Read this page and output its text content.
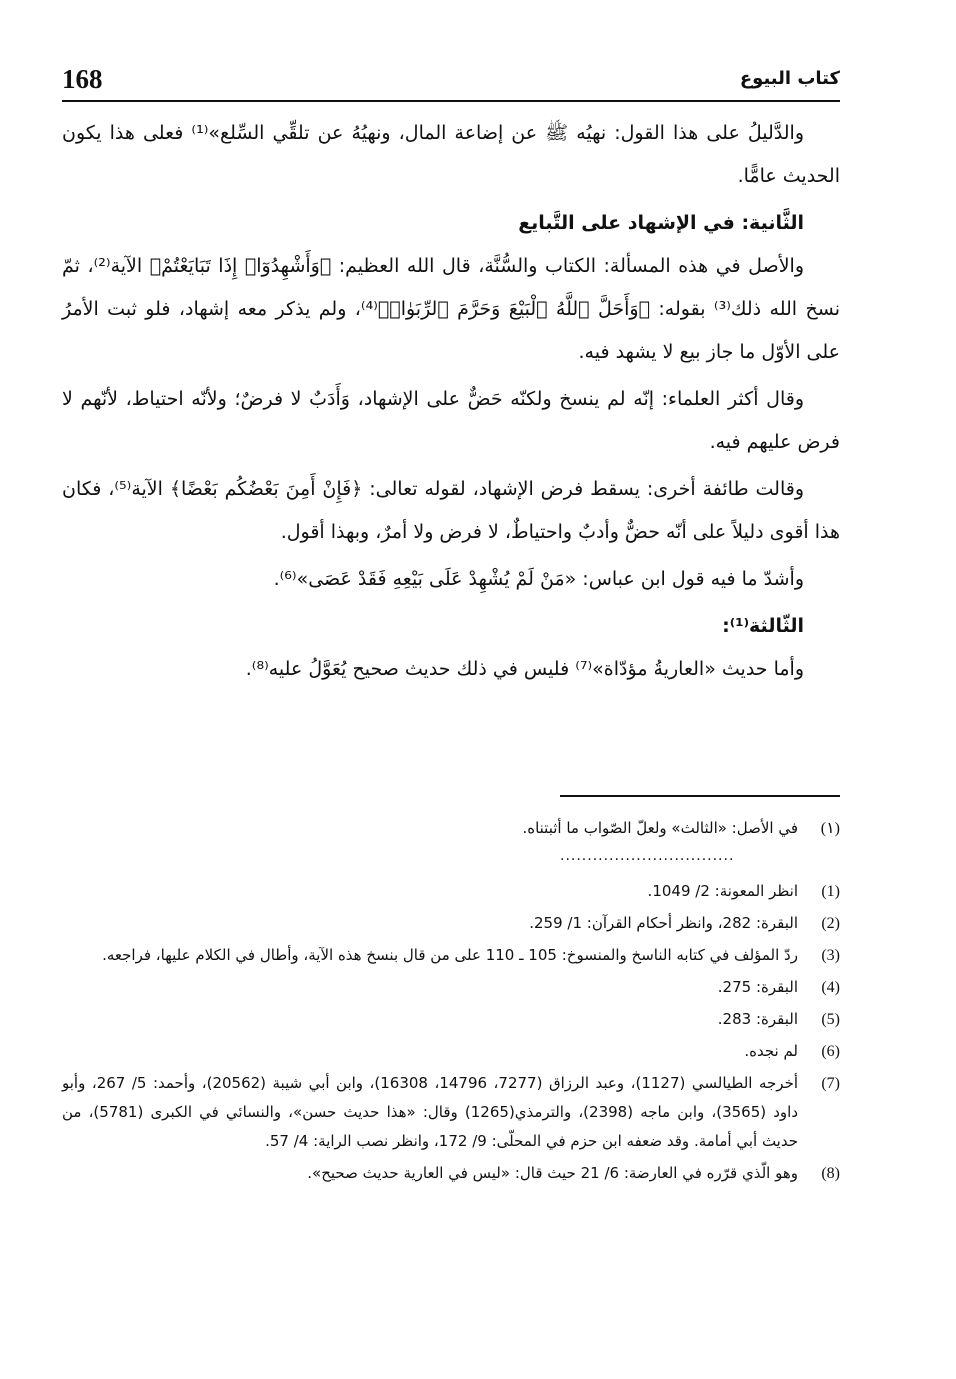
168	كتاب البيوع

والدَّليلُ على هذا القول: نهيُه ﷺ عن إضاعة المال، ونهيُهُ عن تلقِّي السِّلع»⁽¹⁾ فعلى هذا يكون الحديث عامًّا.

الثَّانية: في الإشهاد على التَّبايع

والأصل في هذه المسألة: الكتاب والسُّنَّة، قال الله العظيم: ﴿وَأَشْهِدُوٓا۟ إِذَا تَبَايَعْتُمْ﴾ الآية⁽²⁾، ثمّ نسخ الله ذلك⁽³⁾ بقوله: ﴿وَأَحَلَّ ٱللَّهُ ٱلْبَيْعَ وَحَرَّمَ ٱلرِّبَوٰا۟﴾⁽⁴⁾، ولم يذكر معه إشهاد، فلو ثبت الأمرُ على الأوّل ما جاز بيع لا يشهد فيه.

وقال أكثر العلماء: إنّه لم ينسخ ولكنّه حَضٌّ على الإشهاد، وَأَدَبٌ لا فرضٌ؛ ولأنّه احتياط، لأنّهم لا فرض عليهم فيه.

وقالت طائفة أخرى: يسقط فرض الإشهاد، لقوله تعالى: ﴿فَإِنْ أَمِنَ بَعْضُكُم بَعْضًا﴾ الآية⁽⁵⁾، فكان هذا أقوى دليلاً على أنّه حضٌّ وأدبٌ واحتياطٌ، لا فرض ولا أمرٌ، وبهذا أقول.

وأشدّ ما فيه قول ابن عباس: «مَنْ لَمْ يُشْهِدْ عَلَى بَيْعِهِ فَقَدْ عَصَى»⁽⁶⁾.

الثّالثة⁽¹⁾:

وأما حديث «العاريةُ مؤدّاة»⁽⁷⁾ فليس في ذلك حديث صحيح يُعَوَّلُ عليه⁽⁸⁾.

(١)
في الأصل: «الثالث» ولعلّ الصّواب ما أثبتناه.
................................
(1)
انظر المعونة: 2/ 1049.
(2)
البقرة: 282، وانظر أحكام القرآن: 1/ 259.
(3)
ردّ المؤلف في كتابه الناسخ والمنسوخ: 105 ـ 110 على من قال بنسخ هذه الآية، وأطال في الكلام عليها، فراجعه.
(4)
البقرة: 275.
(5)
البقرة: 283.
(6)
لم نجده.
(7)
أخرجه الطيالسي (1127)، وعبد الرزاق (7277، 14796، 16308)، وابن أبي شيبة (20562)، وأحمد: 5/ 267، وأبو داود (3565)، وابن ماجه (2398)، والترمذي(1265) وقال: «هذا حديث حسن»، والنسائي في الكبرى (5781)، من حديث أبي أمامة. وقد ضعفه ابن حزم في المحلّى: 9/ 172، وانظر نصب الراية: 4/ 57.
(8)
وهو الّذي قرّره في العارضة: 6/ 21 حيث قال: «ليس في العارية حديث صحيح».
